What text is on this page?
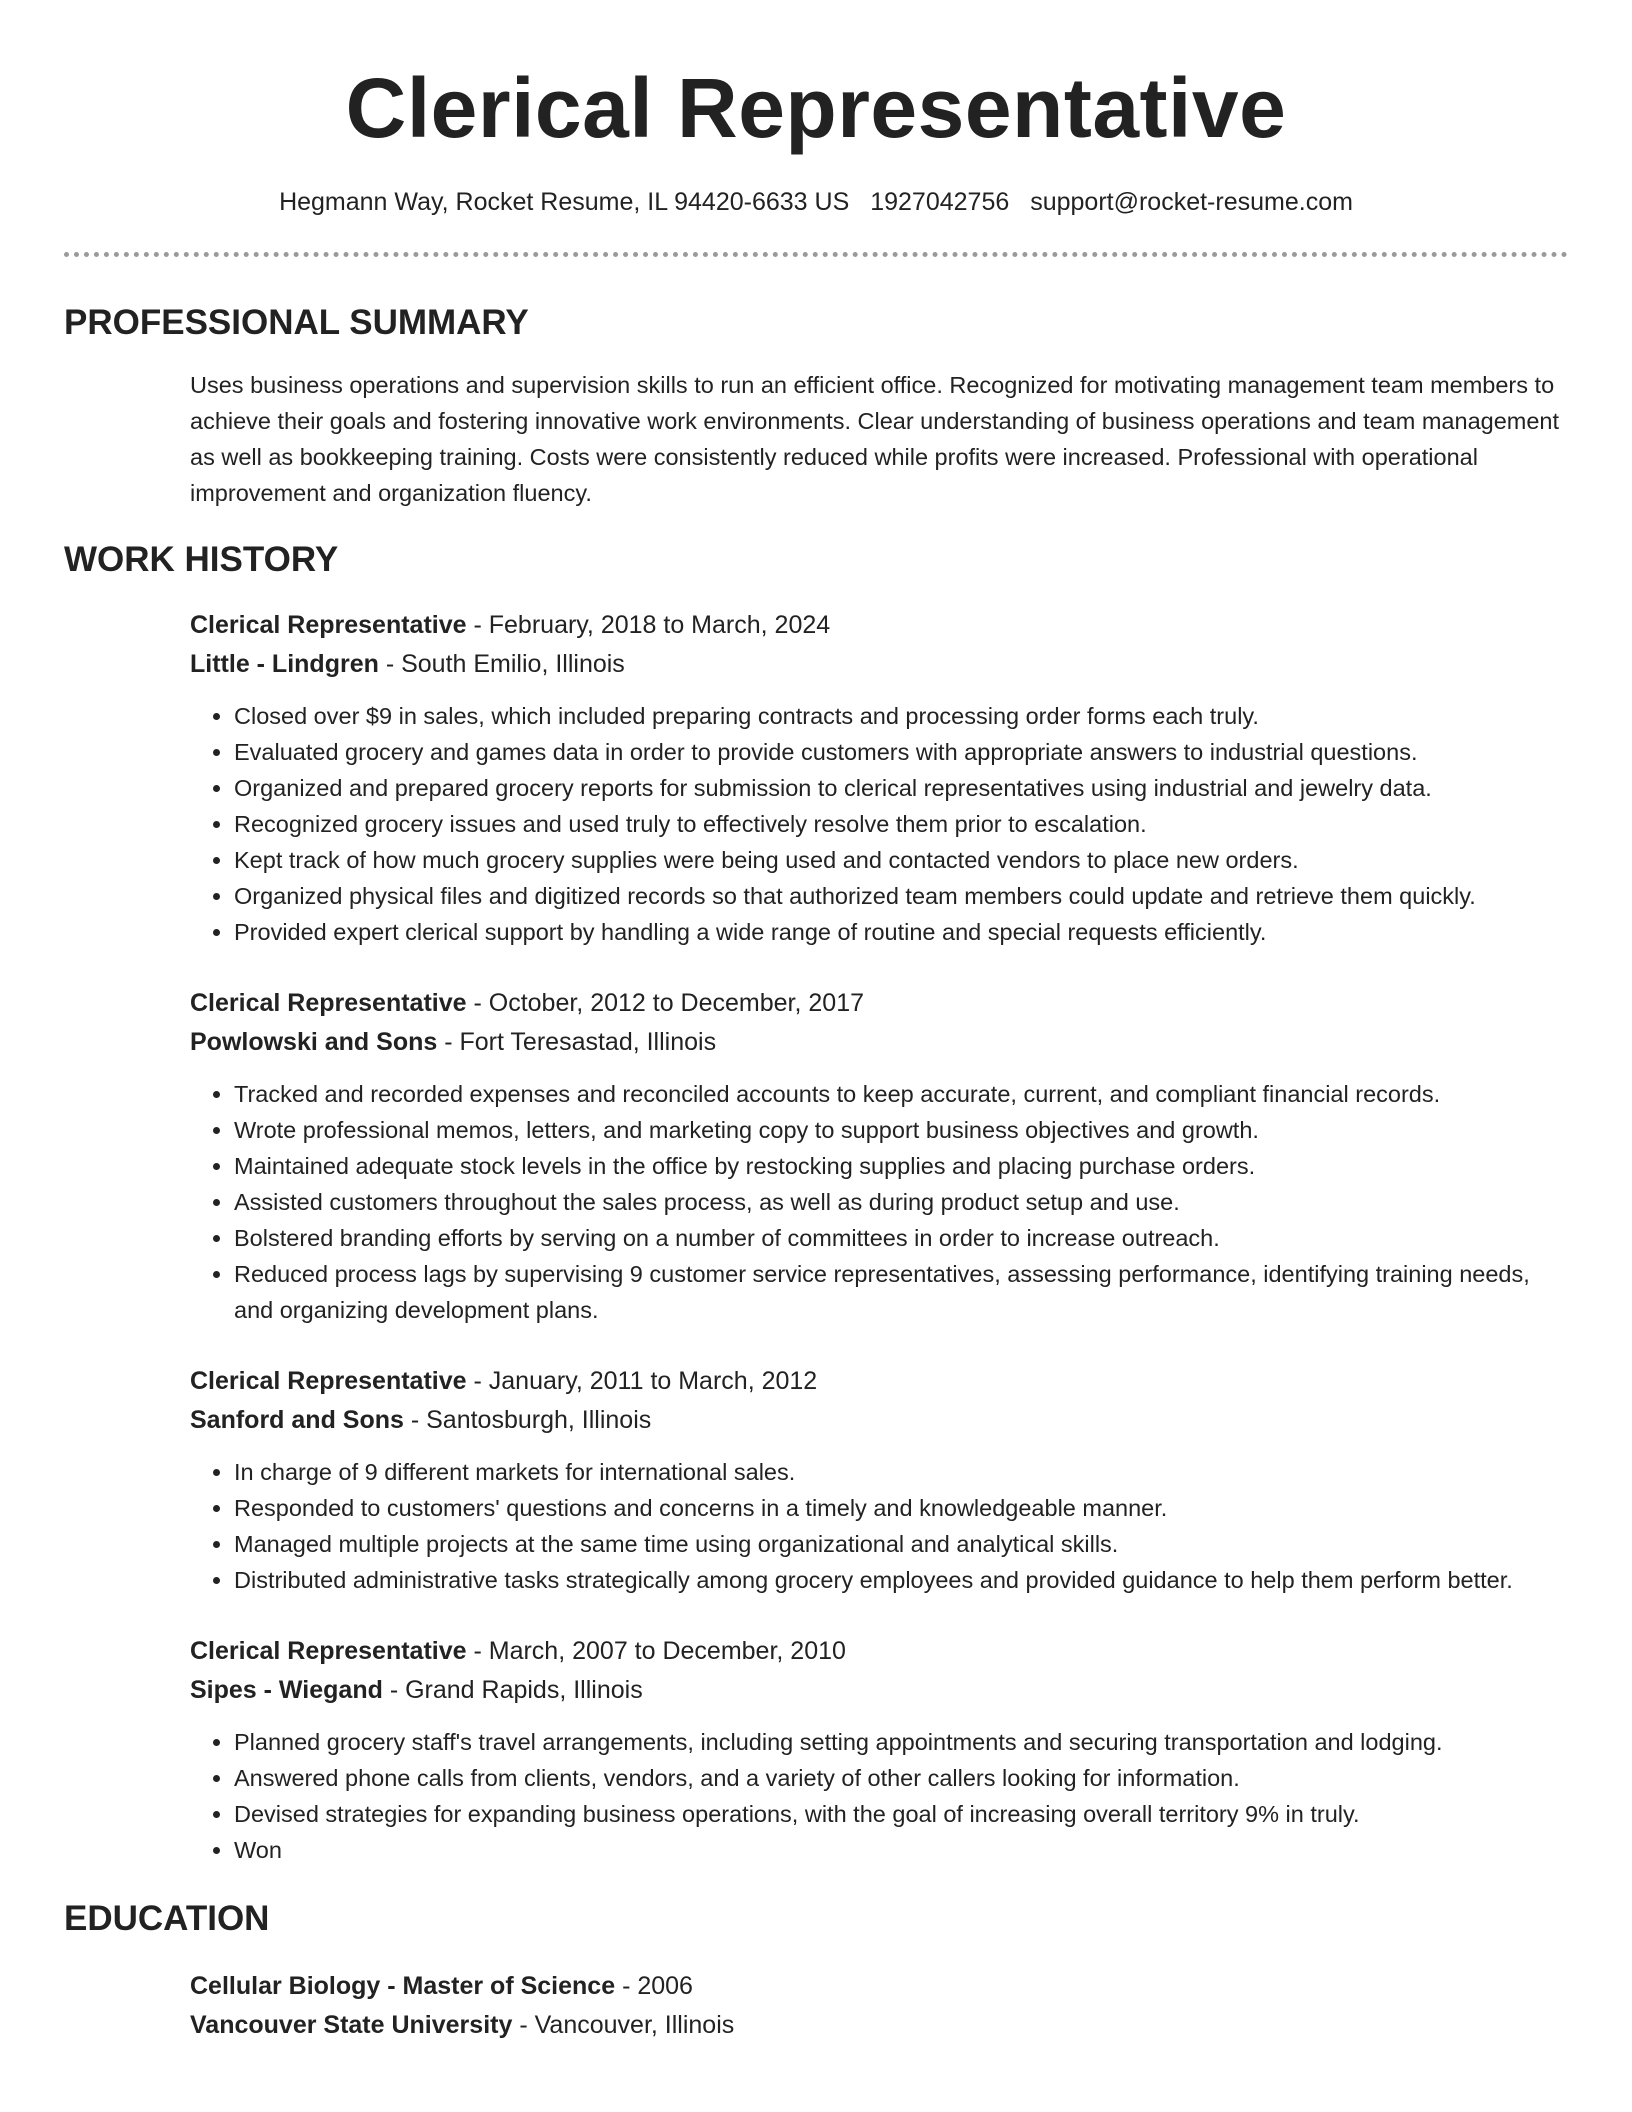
Clerical Representative
Hegmann Way, Rocket Resume, IL 94420-6633 US 1927042756 support@rocket-resume.com
PROFESSIONAL SUMMARY

Uses business operations and supervision skills to run an efficient office. Recognized for motivating management team members to achieve their goals and fostering innovative work environments. Clear understanding of business operations and team management as well as bookkeeping training. Costs were consistently reduced while profits were increased. Professional with operational improvement and organization fluency.

WORK HISTORY
Clerical Representative - February, 2018 to March, 2024
Little - Lindgren - South Emilio, Illinois
• Closed over $9 in sales, which included preparing contracts and processing order forms each truly.
• Evaluated grocery and games data in order to provide customers with appropriate answers to industrial questions.
• Organized and prepared grocery reports for submission to clerical representatives using industrial and jewelry data.
• Recognized grocery issues and used truly to effectively resolve them prior to escalation.
• Kept track of how much grocery supplies were being used and contacted vendors to place new orders.
• Organized physical files and digitized records so that authorized team members could update and retrieve them quickly.
• Provided expert clerical support by handling a wide range of routine and special requests efficiently.
Clerical Representative - October, 2012 to December, 2017
Powlowski and Sons - Fort Teresastad, Illinois
• Tracked and recorded expenses and reconciled accounts to keep accurate, current, and compliant financial records.
• Wrote professional memos, letters, and marketing copy to support business objectives and growth.
• Maintained adequate stock levels in the office by restocking supplies and placing purchase orders.
• Assisted customers throughout the sales process, as well as during product setup and use.
• Bolstered branding efforts by serving on a number of committees in order to increase outreach.
• Reduced process lags by supervising 9 customer service representatives, assessing performance, identifying training needs, and organizing development plans.
Clerical Representative - January, 2011 to March, 2012
Sanford and Sons - Santosburgh, Illinois
• In charge of 9 different markets for international sales.
• Responded to customers' questions and concerns in a timely and knowledgeable manner.
• Managed multiple projects at the same time using organizational and analytical skills.
• Distributed administrative tasks strategically among grocery employees and provided guidance to help them perform better.
Clerical Representative - March, 2007 to December, 2010
Sipes - Wiegand - Grand Rapids, Illinois
• Planned grocery staff's travel arrangements, including setting appointments and securing transportation and lodging.
• Answered phone calls from clients, vendors, and a variety of other callers looking for information.
• Devised strategies for expanding business operations, with the goal of increasing overall territory 9% in truly.
• Won
EDUCATION
Cellular Biology - Master of Science - 2006
Vancouver State University - Vancouver, Illinois
